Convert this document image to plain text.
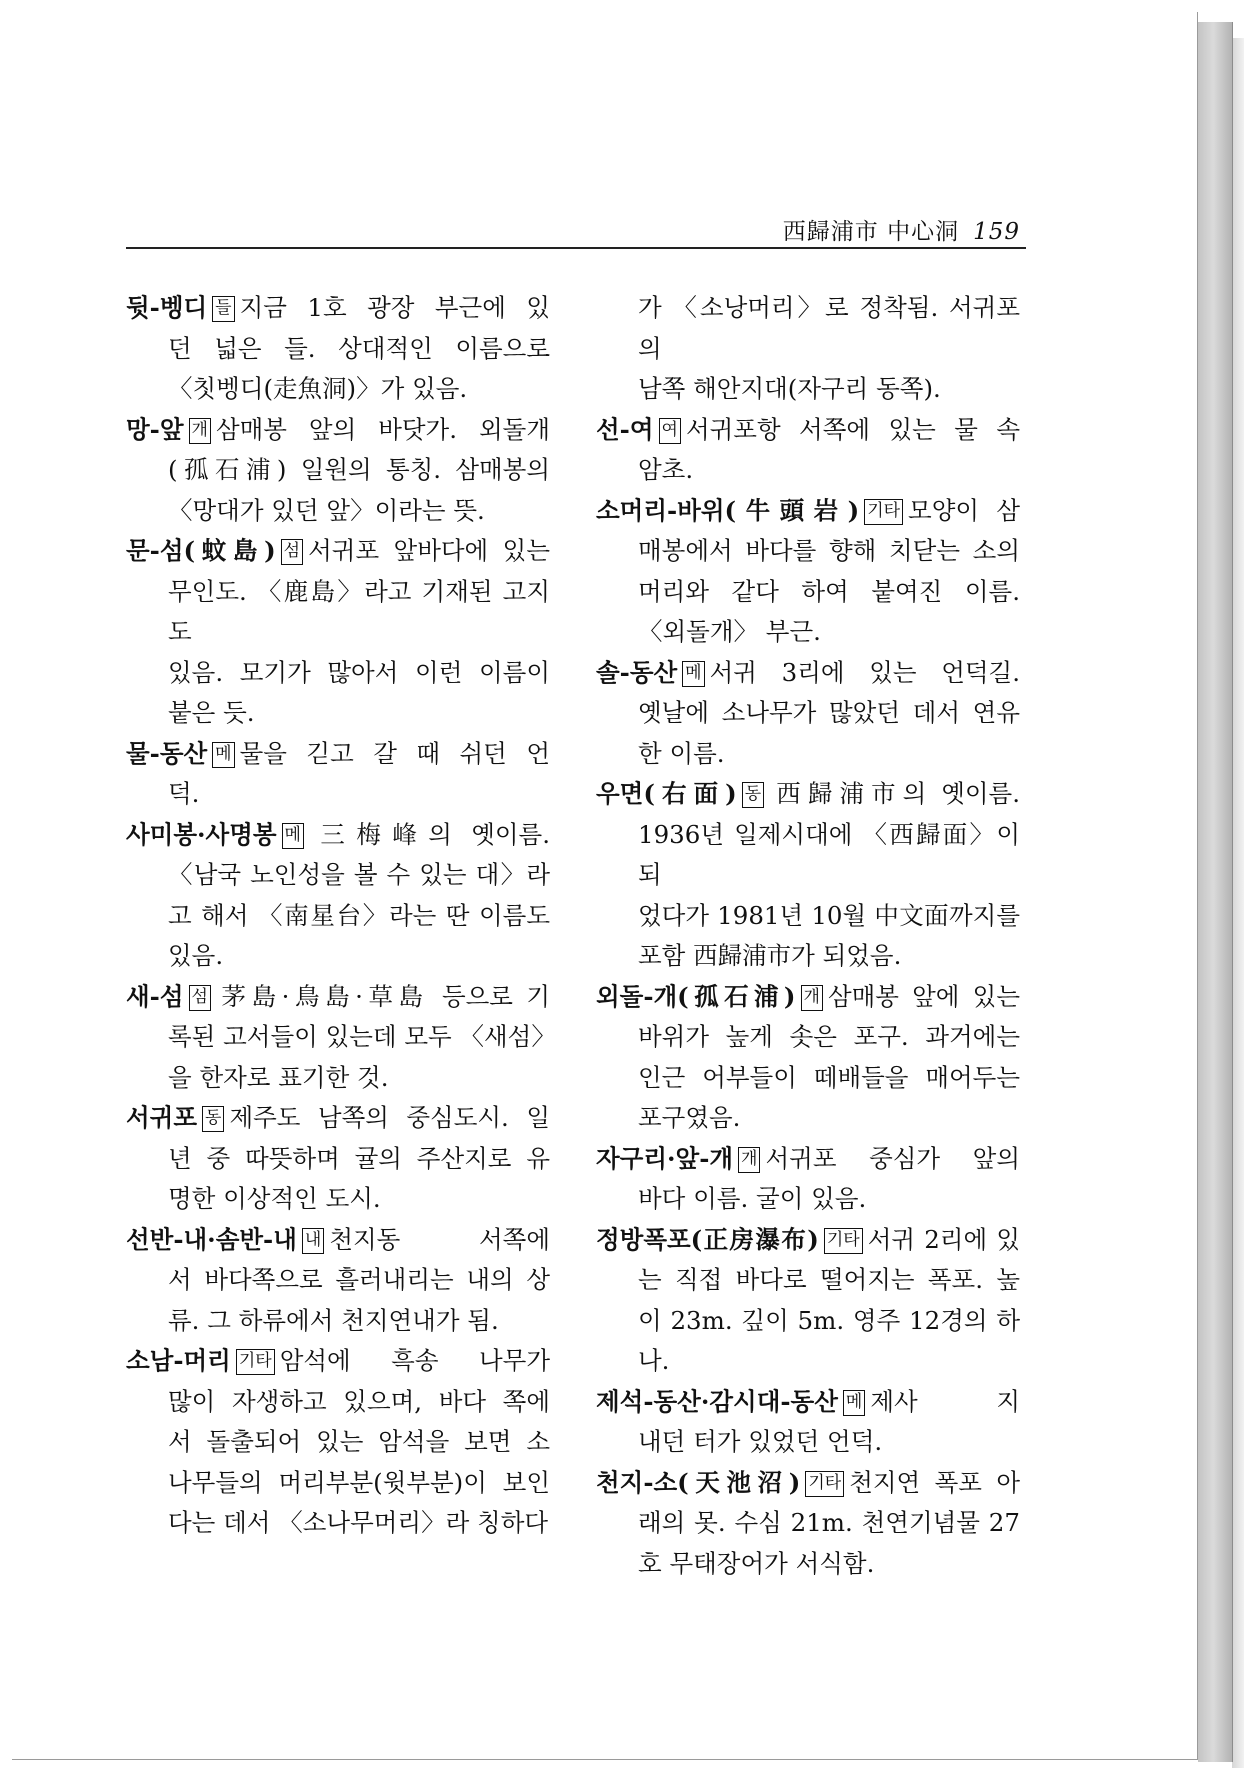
西歸浦市 中心洞 159
뒷-벵디 들 지금 1호 광장 부근에 있
던 넓은 들. 상대적인 이름으로
〈칫벵디(走魚洞)〉가 있음.
망-앞 개 삼매봉 앞의 바닷가. 외돌개
(孤石浦) 일원의 통칭. 삼매봉의
〈망대가 있던 앞〉이라는 뜻.
문-섬(蚊島) 섬 서귀포 앞바다에 있는
무인도. 〈鹿島〉라고 기재된 고지도
있음. 모기가 많아서 이런 이름이
붙은 듯.
물-동산 메 물을 긷고 갈 때 쉬던 언
덕.
사미봉·사명봉 메 三梅峰의 옛이름.
〈남국 노인성을 볼 수 있는 대〉라
고 해서 〈南星台〉라는 딴 이름도
있음.
새-섬 섬 茅島·鳥島·草島 등으로 기
록된 고서들이 있는데 모두 〈새섬〉
을 한자로 표기한 것.
서귀포 동 제주도 남쪽의 중심도시. 일
년 중 따뜻하며 귤의 주산지로 유
명한 이상적인 도시.
선반-내·솜반-내 내 천지동 서쪽에
서 바다쪽으로 흘러내리는 내의 상
류. 그 하류에서 천지연내가 됨.
소남-머리 기타 암석에 흑송 나무가
많이 자생하고 있으며, 바다 쪽에
서 돌출되어 있는 암석을 보면 소
나무들의 머리부분(윗부분)이 보인
다는 데서 〈소나무머리〉라 칭하다
가 〈소낭머리〉로 정착됨. 서귀포의
남쪽 해안지대(자구리 동쪽).
선-여 여 서귀포항 서쪽에 있는 물 속
암초.
소머리-바위(牛頭岩) 기타 모양이 삼
매봉에서 바다를 향해 치닫는 소의
머리와 같다 하여 붙여진 이름.
〈외돌개〉 부근.
솔-동산 메 서귀 3리에 있는 언덕길.
옛날에 소나무가 많았던 데서 연유
한 이름.
우면(右面) 동 西歸浦市의 옛이름.
1936년 일제시대에 〈西歸面〉이 되
었다가 1981년 10월 中文面까지를
포함 西歸浦市가 되었음.
외돌-개(孤石浦) 개 삼매봉 앞에 있는
바위가 높게 솟은 포구. 과거에는
인근 어부들이 떼배들을 매어두는
포구였음.
자구리·앞-개 개 서귀포 중심가 앞의
바다 이름. 굴이 있음.
정방폭포(正房瀑布) 기타 서귀 2리에 있
는 직접 바다로 떨어지는 폭포. 높
이 23m. 깊이 5m. 영주 12경의 하
나.
제석-동산·감시대-동산 메 제사 지
내던 터가 있었던 언덕.
천지-소(天池沼) 기타 천지연 폭포 아
래의 못. 수심 21m. 천연기념물 27
호 무태장어가 서식함.
